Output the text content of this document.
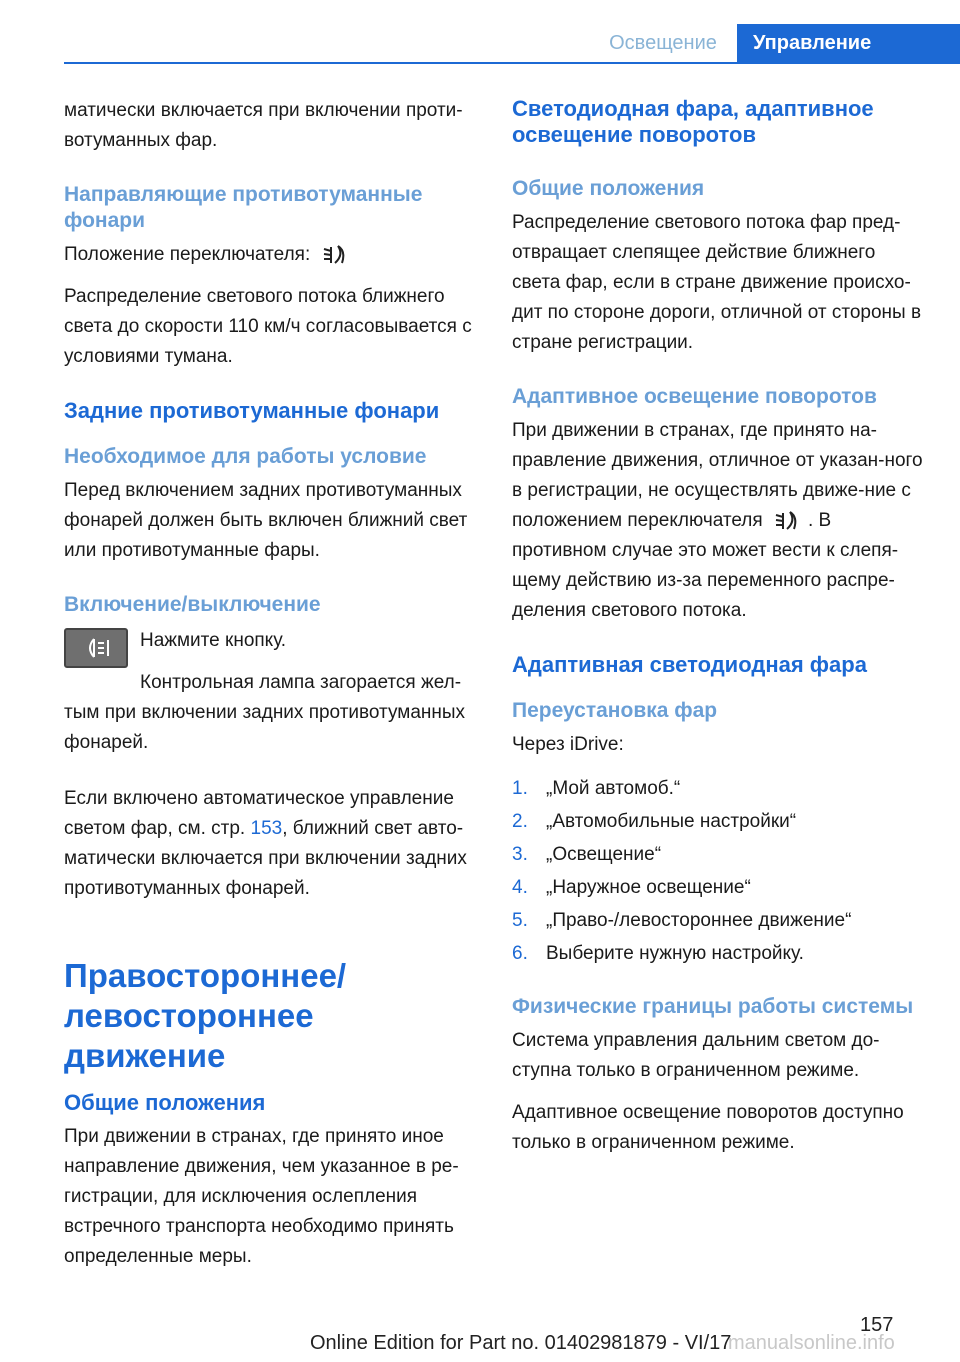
Освещение	Управление

матически включается при включении проти-вотуманных фар.

Направляющие противотуманные фонари

Положение переключателя:

Распределение светового потока ближнего света до скорости 110 км/ч согласовывается с условиями тумана.

Задние противотуманные фонари
Необходимое для работы условие

Перед включением задних противотуманных фонарей должен быть включен ближний свет или противотуманные фары.

Включение/выключение

Нажмите кнопку.

Контрольная лампа загорается жел-тым при включении задних противотуманных фонарей.

Если включено автоматическое управление светом фар, см. стр. 153, ближний свет авто-матически включается при включении задних противотуманных фонарей.

Правостороннее/ левостороннее движение
Общие положения

При движении в странах, где принято иное направление движения, чем указанное в ре-гистрации, для исключения ослепления встречного транспорта необходимо принять определенные меры.

Светодиодная фара, адаптивное освещение поворотов
Общие положения

Распределение светового потока фар пред-отвращает слепящее действие ближнего света фар, если в стране движение происхо-дит по стороне дороги, отличной от стороны в стране регистрации.

Адаптивное освещение поворотов

При движении в странах, где принято на-правление движения, отличное от указан-ного в регистрации, не осуществлять движе-ние с положением переключателя . В противном случае это может вести к слепя-щему действию из-за переменного распре-деления светового потока.

Адаптивная светодиодная фара
Переустановка фар

Через iDrive:

1. „Мой автомоб.“
2. „Автомобильные настройки“
3. „Освещение“
4. „Наружное освещение“
5. „Право-/левостороннее движение“
6. Выберите нужную настройку.
Физические границы работы системы

Система управления дальним светом до-ступна только в ограниченном режиме.

Адаптивное освещение поворотов доступно только в ограниченном режиме.

157
Online Edition for Part no. 01402981879 - VI/17
manualsonline.info
